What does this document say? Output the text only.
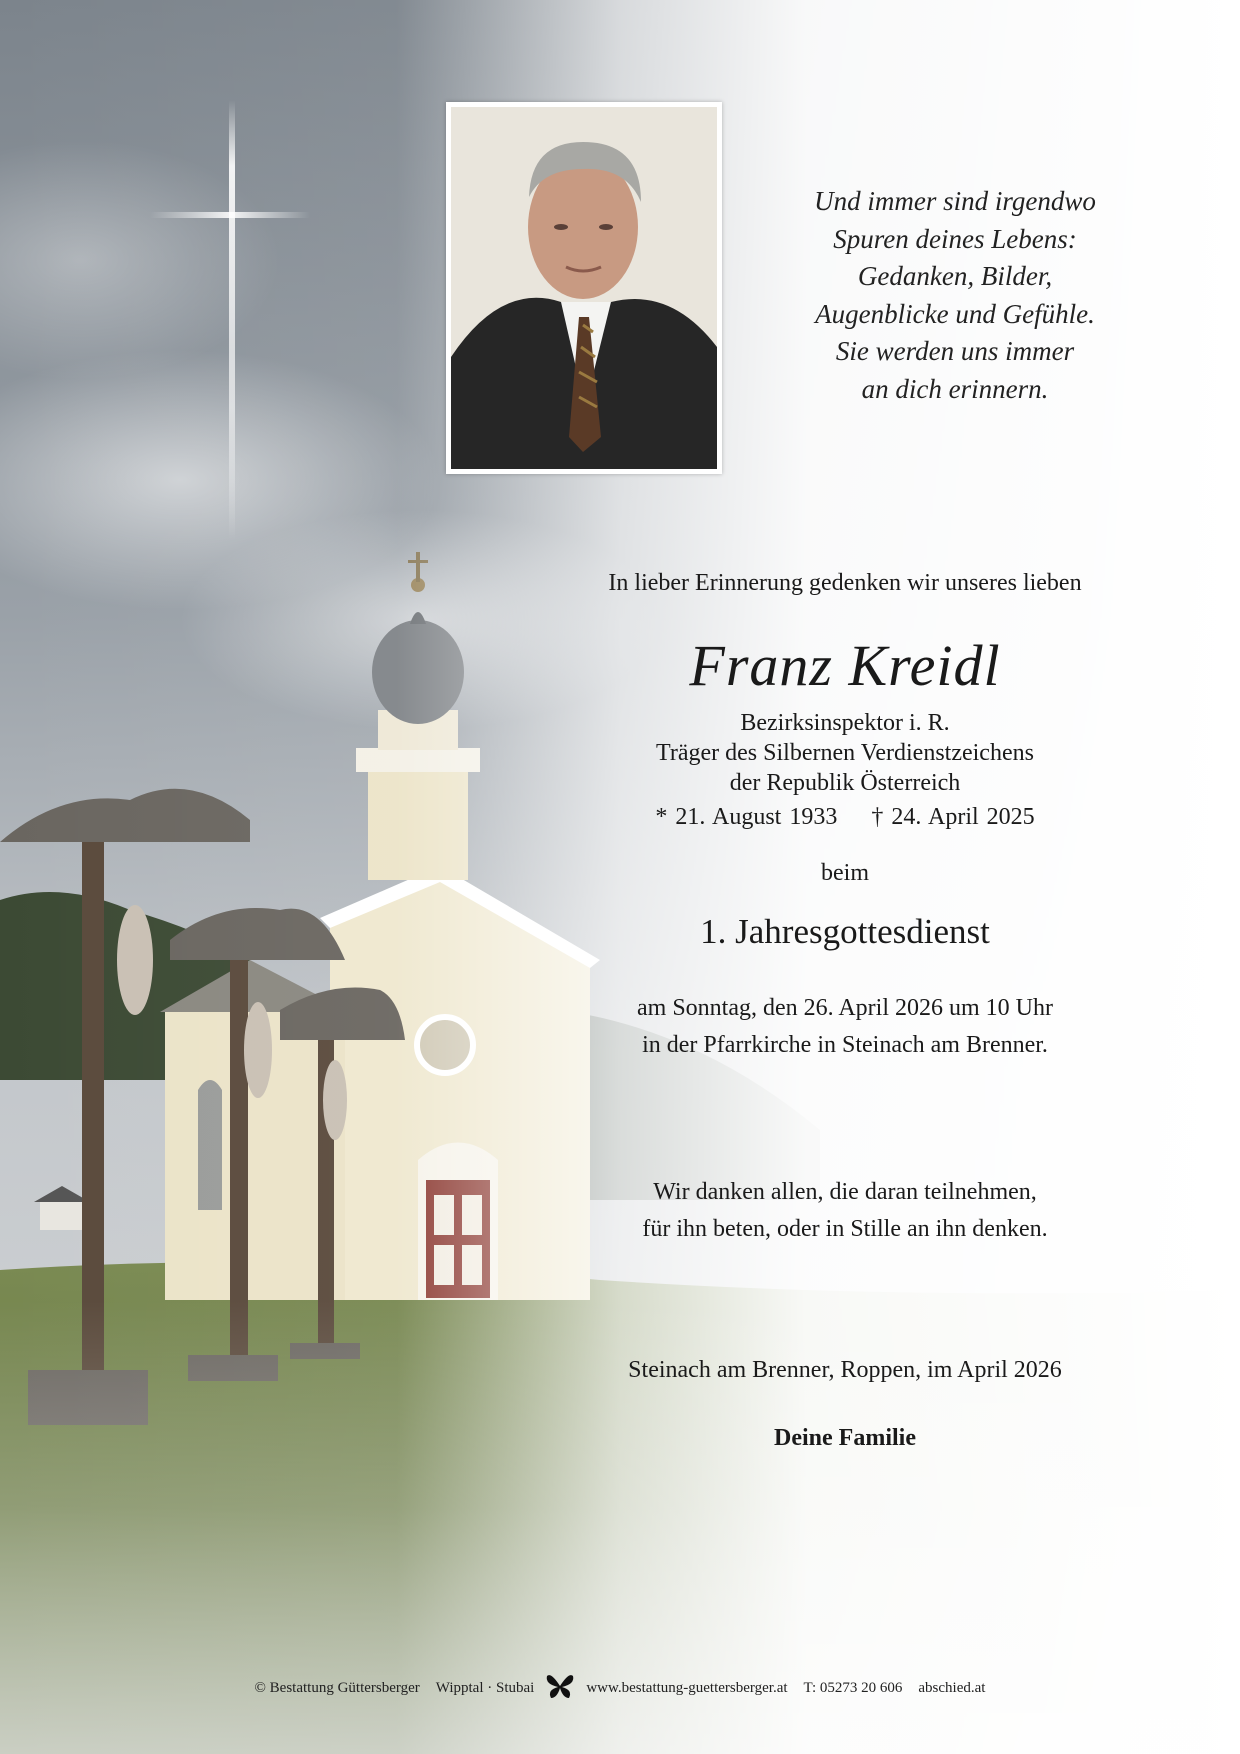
Und immer sind irgendwo
Spuren deines Lebens:
Gedanken, Bilder,
Augenblicke und Gefühle.
Sie werden uns immer
an dich erinnern.
In lieber Erinnerung gedenken wir unseres lieben
Franz Kreidl
Bezirksinspektor i. R.
Träger des Silbernen Verdienstzeichens
der Republik Österreich
* 21. August 1933 † 24. April 2025
beim
1. Jahresgottesdienst
am Sonntag, den 26. April 2026 um 10 Uhr
in der Pfarrkirche in Steinach am Brenner.
Wir danken allen, die daran teilnehmen,
für ihn beten, oder in Stille an ihn denken.
Steinach am Brenner, Roppen, im April 2026
Deine Familie
© Bestattung Güttersberger Wipptal · Stubai	www.bestattung-guettersberger.at T: 05273 20 606 abschied.at
